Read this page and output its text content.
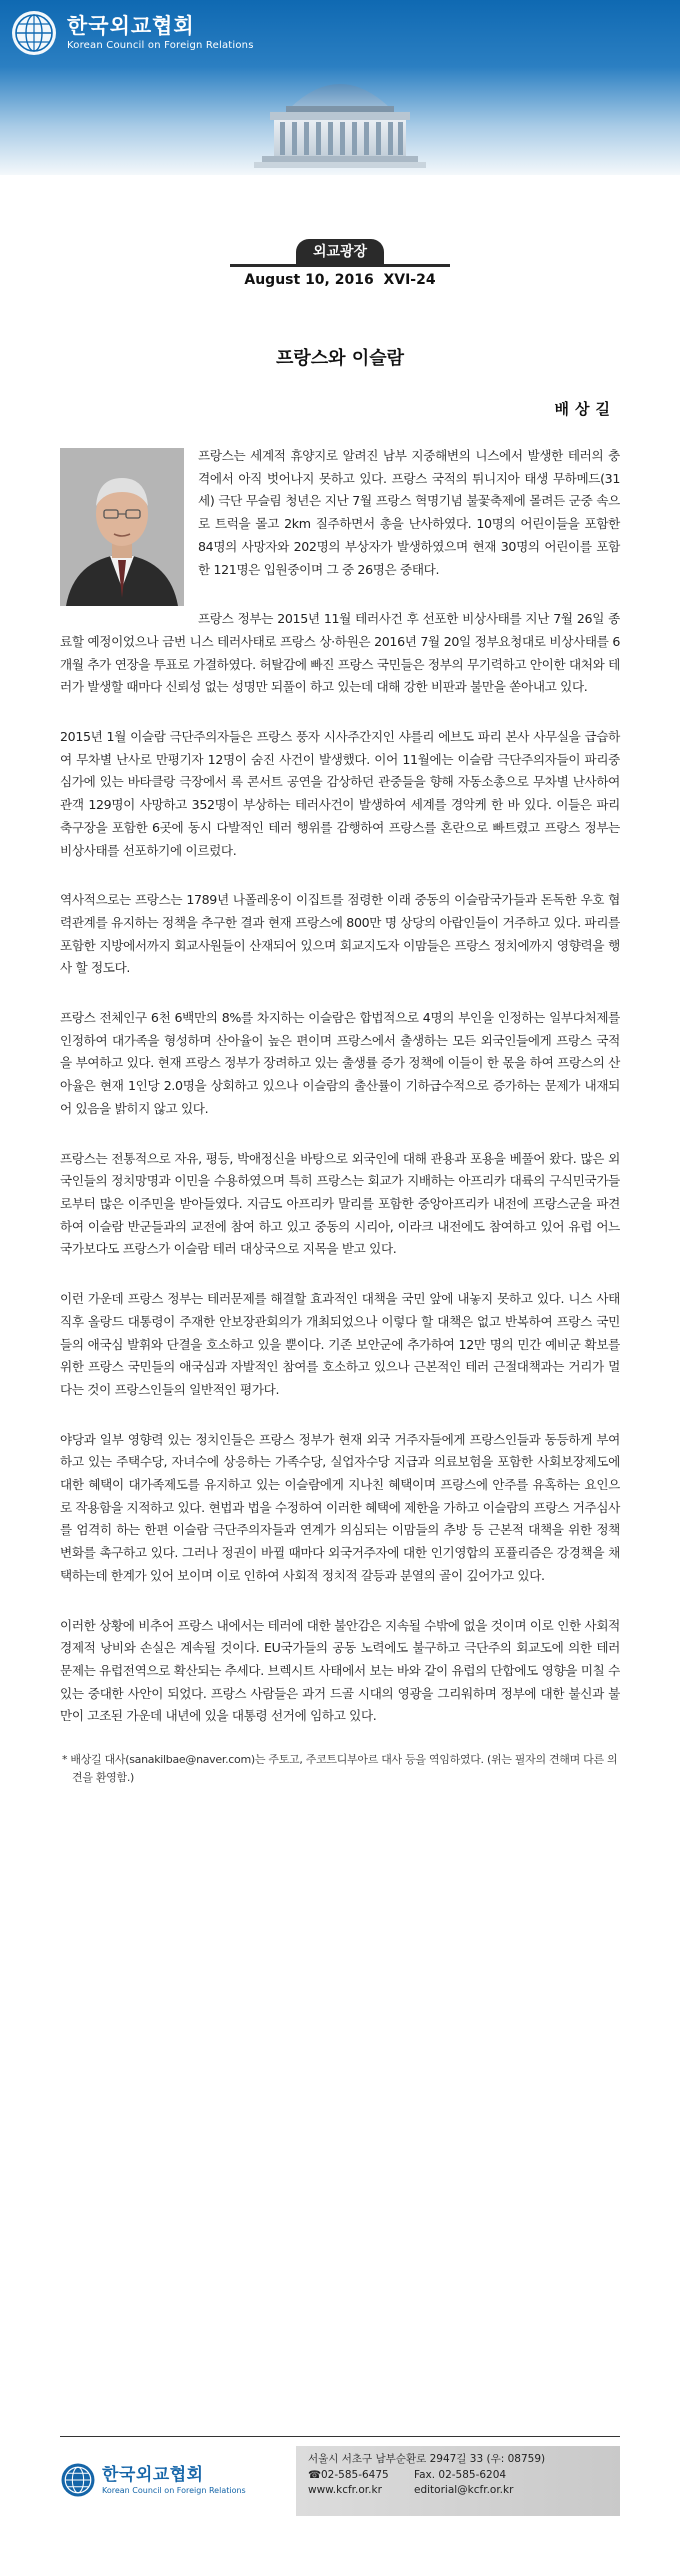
한국외교협회
Korean Council on Foreign Relations
외교광장
August 10, 2016 XVI-24
프랑스와 이슬람
배상길

프랑스는 세계적 휴양지로 알려진 남부 지중해변의 니스에서 발생한 테러의 충격에서 아직 벗어나지 못하고 있다. 프랑스 국적의 튀니지아 태생 무하메드(31세) 극단 무슬림 청년은 지난 7월 프랑스 혁명기념 불꽃축제에 몰려든 군중 속으로 트럭을 몰고 2km 질주하면서 총을 난사하였다. 10명의 어린이들을 포함한 84명의 사망자와 202명의 부상자가 발생하였으며 현재 30명의 어린이를 포함한 121명은 입원중이며 그 중 26명은 중태다.

프랑스 정부는 2015년 11월 테러사건 후 선포한 비상사태를 지난 7월 26일 종료할 예정이었으나 금번 니스 테러사태로 프랑스 상·하원은 2016년 7월 20일 정부요청대로 비상사태를 6개월 추가 연장을 투표로 가결하였다. 허탈감에 빠진 프랑스 국민들은 정부의 무기력하고 안이한 대처와 테러가 발생할 때마다 신뢰성 없는 성명만 되풀이 하고 있는데 대해 강한 비판과 불만을 쏟아내고 있다.

2015년 1월 이슬람 극단주의자들은 프랑스 풍자 시사주간지인 샤를리 에브도 파리 본사 사무실을 급습하여 무차별 난사로 만평기자 12명이 숨진 사건이 발생했다. 이어 11월에는 이슬람 극단주의자들이 파리중심가에 있는 바타클랑 극장에서 록 콘서트 공연을 감상하던 관중들을 향해 자동소총으로 무차별 난사하여 관객 129명이 사망하고 352명이 부상하는 테러사건이 발생하여 세계를 경악케 한 바 있다. 이들은 파리 축구장을 포함한 6곳에 동시 다발적인 테러 행위를 감행하여 프랑스를 혼란으로 빠트렸고 프랑스 정부는 비상사태를 선포하기에 이르렀다.

역사적으로는 프랑스는 1789년 나폴레옹이 이집트를 점령한 이래 중동의 이슬람국가들과 돈독한 우호 협력관계를 유지하는 정책을 추구한 결과 현재 프랑스에 800만 명 상당의 아랍인들이 거주하고 있다. 파리를 포함한 지방에서까지 회교사원들이 산재되어 있으며 회교지도자 이맘들은 프랑스 정치에까지 영향력을 행사 할 정도다.

프랑스 전체인구 6천 6백만의 8%를 차지하는 이슬람은 합법적으로 4명의 부인을 인정하는 일부다처제를 인정하여 대가족을 형성하며 산아율이 높은 편이며 프랑스에서 출생하는 모든 외국인들에게 프랑스 국적을 부여하고 있다. 현재 프랑스 정부가 장려하고 있는 출생률 증가 정책에 이들이 한 몫을 하여 프랑스의 산아율은 현재 1인당 2.0명을 상회하고 있으나 이슬람의 출산률이 기하급수적으로 증가하는 문제가 내재되어 있음을 밝히지 않고 있다.

프랑스는 전통적으로 자유, 평등, 박애정신을 바탕으로 외국인에 대해 관용과 포용을 베풀어 왔다. 많은 외국인들의 정치망명과 이민을 수용하였으며 특히 프랑스는 회교가 지배하는 아프리카 대륙의 구식민국가들로부터 많은 이주민을 받아들였다. 지금도 아프리카 말리를 포함한 중앙아프리카 내전에 프랑스군을 파견하여 이슬람 반군들과의 교전에 참여 하고 있고 중동의 시리아, 이라크 내전에도 참여하고 있어 유럽 어느 국가보다도 프랑스가 이슬람 테러 대상국으로 지목을 받고 있다.

이런 가운데 프랑스 정부는 테러문제를 해결할 효과적인 대책을 국민 앞에 내놓지 못하고 있다. 니스 사태 직후 올랑드 대통령이 주재한 안보장관회의가 개최되었으나 이렇다 할 대책은 없고 반복하여 프랑스 국민들의 애국심 발휘와 단결을 호소하고 있을 뿐이다. 기존 보안군에 추가하여 12만 명의 민간 예비군 확보를 위한 프랑스 국민들의 애국심과 자발적인 참여를 호소하고 있으나 근본적인 테러 근절대책과는 거리가 멀다는 것이 프랑스인들의 일반적인 평가다.

야당과 일부 영향력 있는 정치인들은 프랑스 정부가 현재 외국 거주자들에게 프랑스인들과 동등하게 부여하고 있는 주택수당, 자녀수에 상응하는 가족수당, 실업자수당 지급과 의료보험을 포함한 사회보장제도에 대한 혜택이 대가족제도를 유지하고 있는 이슬람에게 지나친 혜택이며 프랑스에 안주를 유혹하는 요인으로 작용함을 지적하고 있다. 현법과 법을 수정하여 이러한 혜택에 제한을 가하고 이슬람의 프랑스 거주심사를 엄격히 하는 한편 이슬람 극단주의자들과 연계가 의심되는 이맘들의 추방 등 근본적 대책을 위한 정책 변화를 촉구하고 있다. 그러나 정권이 바뀔 때마다 외국거주자에 대한 인기영합의 포퓰리즘은 강경책을 채택하는데 한계가 있어 보이며 이로 인하여 사회적 정치적 갈등과 분열의 골이 깊어가고 있다.

이러한 상황에 비추어 프랑스 내에서는 테러에 대한 불안감은 지속될 수밖에 없을 것이며 이로 인한 사회적 경제적 낭비와 손실은 계속될 것이다. EU국가들의 공동 노력에도 불구하고 극단주의 회교도에 의한 테러 문제는 유럽전역으로 확산되는 추세다. 브렉시트 사태에서 보는 바와 같이 유럽의 단합에도 영향을 미칠 수 있는 중대한 사안이 되었다. 프랑스 사람들은 과거 드골 시대의 영광을 그리워하며 정부에 대한 불신과 불만이 고조된 가운데 내년에 있을 대통령 선거에 임하고 있다.

* 배상길 대사(sanakilbae@naver.com)는 주토고, 주코트디부아르 대사 등을 역임하였다. (위는 필자의 견해며 다른 의견을 환영함.)

한국외교협회
Korean Council on Foreign Relations
서울시 서초구 남부순환로 2947길 33 (우: 08759)
☎02-585-6475	Fax. 02-585-6204
www.kcfr.or.kr	editorial@kcfr.or.kr
